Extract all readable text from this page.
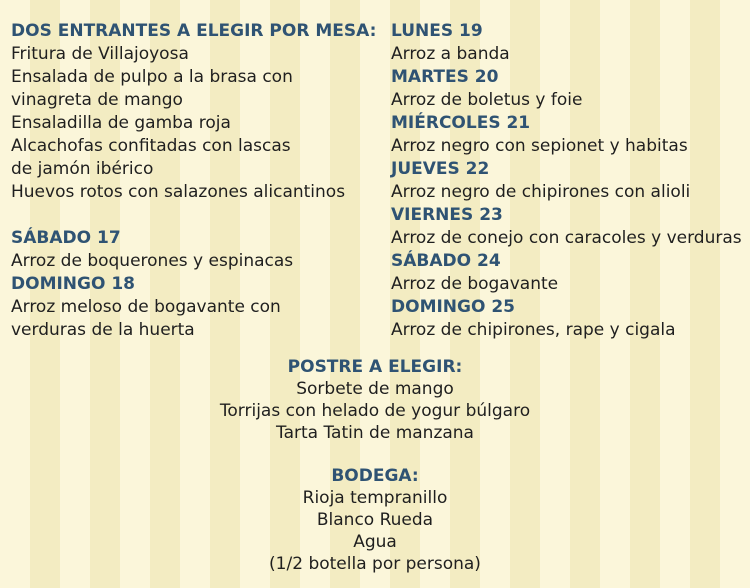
DOS ENTRANTES A ELEGIR POR MESA:
Fritura de Villajoyosa
Ensalada de pulpo a la brasa con
vinagreta de mango
Ensaladilla de gamba roja
Alcachofas confitadas con lascas
de jamón ibérico
Huevos rotos con salazones alicantinos
SÁBADO 17
Arroz de boquerones y espinacas
DOMINGO 18
Arroz meloso de bogavante con
verduras de la huerta
LUNES 19
Arroz a banda
MARTES 20
Arroz de boletus y foie
MIÉRCOLES 21
Arroz negro con sepionet y habitas
JUEVES 22
Arroz negro de chipirones con alioli
VIERNES 23
Arroz de conejo con caracoles y verduras
SÁBADO 24
Arroz de bogavante
DOMINGO 25
Arroz de chipirones, rape y cigala
POSTRE A ELEGIR:
Sorbete de mango
Torrijas con helado de yogur búlgaro
Tarta Tatin de manzana
BODEGA:
Rioja tempranillo
Blanco Rueda
Agua
(1/2 botella por persona)
